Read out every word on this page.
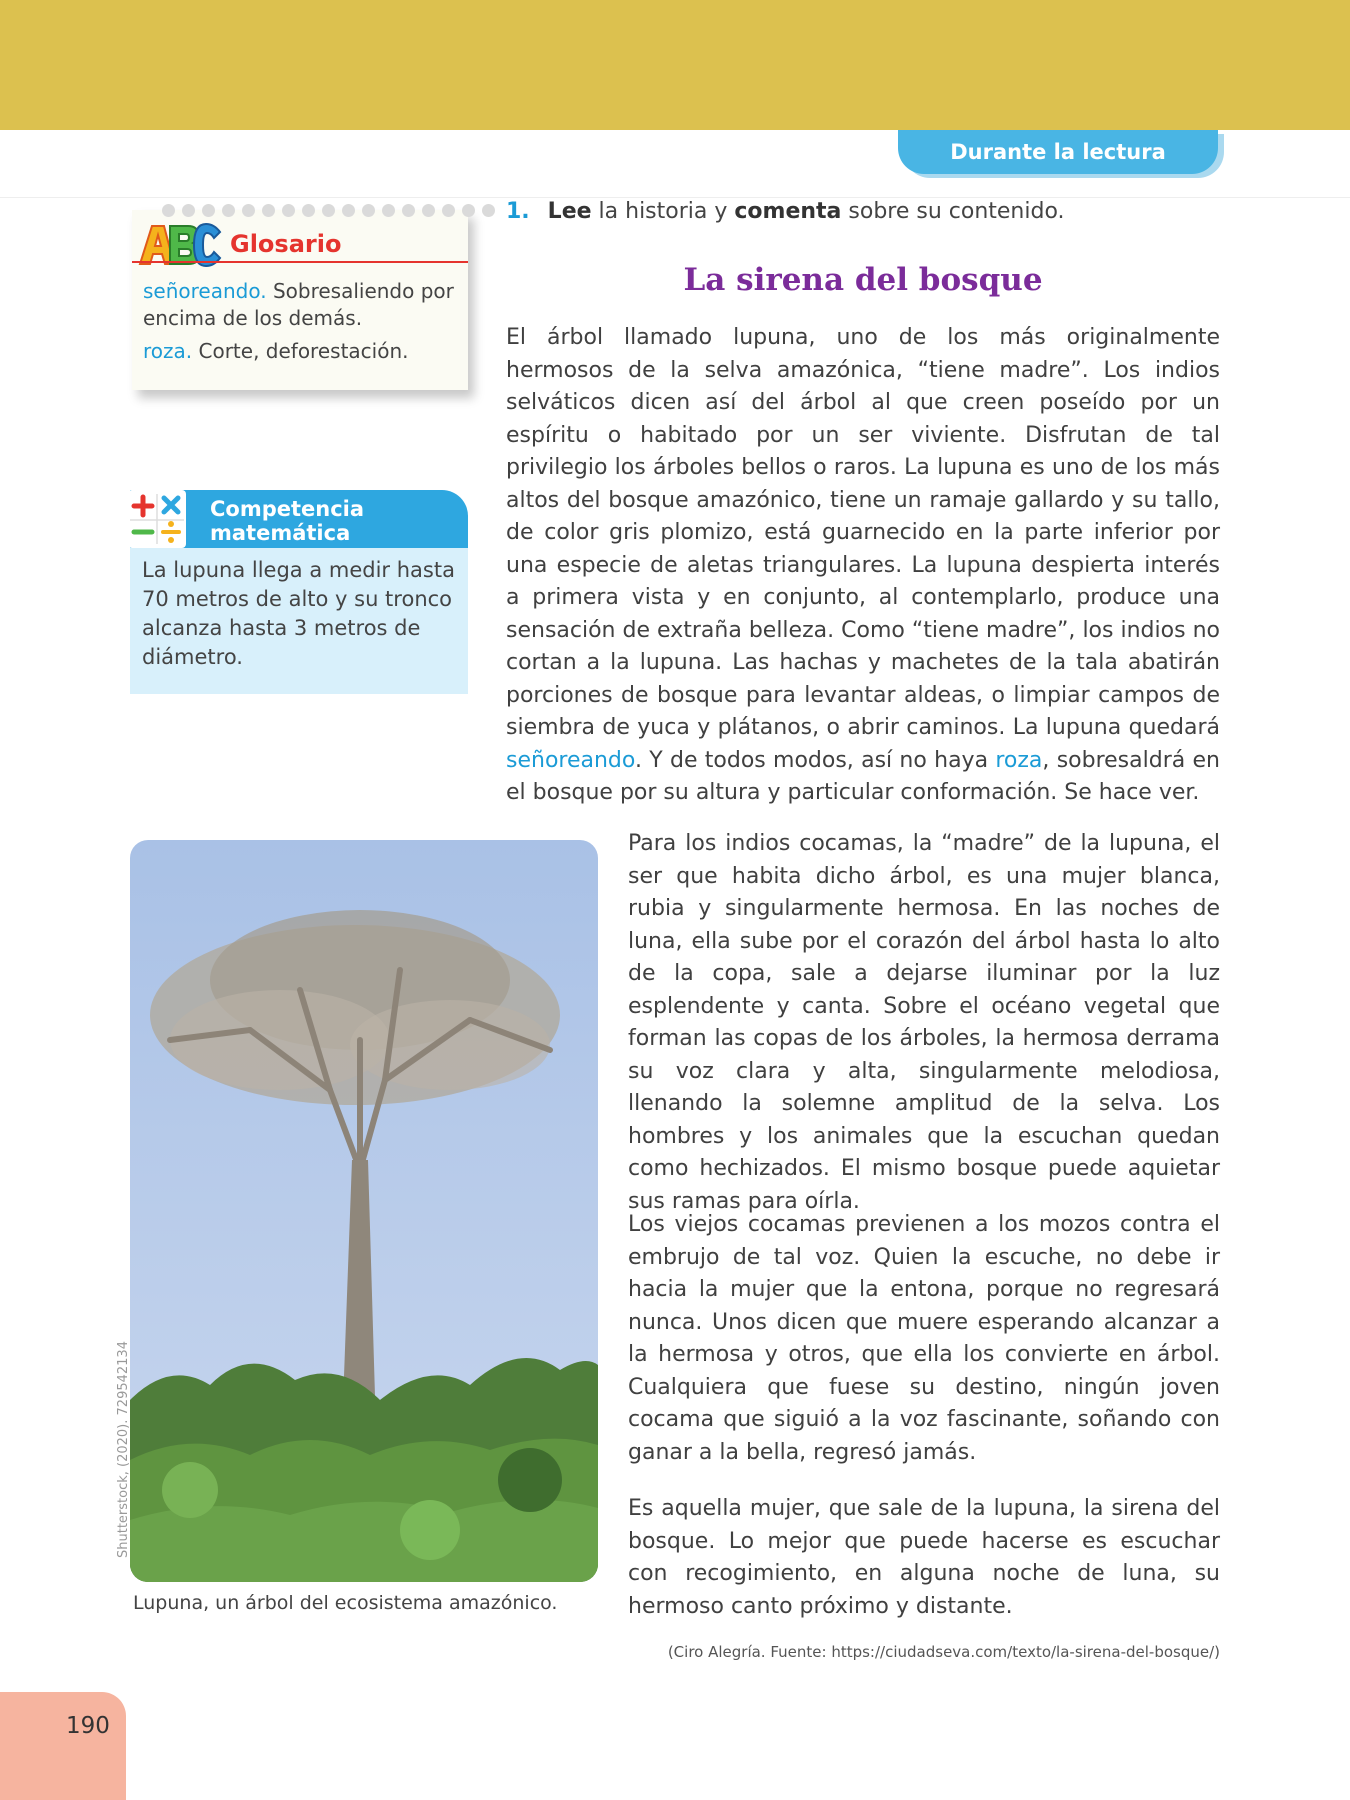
Durante la lectura
Glosario

señoreando. Sobresaliendo por encima de los demás.

roza. Corte, deforestación.

Competencia
matemática
La lupuna llega a medir hasta 70 metros de alto y su tronco alcanza hasta 3 metros de diámetro.
1. Lee la historia y comenta sobre su contenido.
La sirena del bosque

El árbol llamado lupuna, uno de los más originalmente hermosos de la selva amazónica, “tiene madre”. Los indios selváticos dicen así del árbol al que creen poseído por un espíritu o habitado por un ser viviente. Disfrutan de tal privilegio los árboles bellos o raros. La lupuna es uno de los más altos del bosque amazónico, tiene un ramaje gallardo y su tallo, de color gris plomizo, está guarnecido en la parte inferior por una especie de aletas triangulares. La lupuna despierta interés a primera vista y en conjunto, al contemplarlo, produce una sensación de extraña belleza. Como “tiene madre”, los indios no cortan a la lupuna. Las hachas y machetes de la tala abatirán porciones de bosque para levantar aldeas, o limpiar campos de siembra de yuca y plátanos, o abrir caminos. La lupuna quedará señoreando. Y de todos modos, así no haya roza, sobresaldrá en el bosque por su altura y particular conformación. Se hace ver.

Para los indios cocamas, la “madre” de la lupuna, el ser que habita dicho árbol, es una mujer blanca, rubia y singularmente hermosa. En las noches de luna, ella sube por el corazón del árbol hasta lo alto de la copa, sale a dejarse iluminar por la luz esplendente y canta. Sobre el océano vegetal que forman las copas de los árboles, la hermosa derrama su voz clara y alta, singularmente melodiosa, llenando la solemne amplitud de la selva. Los hombres y los animales que la escuchan quedan como hechizados. El mismo bosque puede aquietar sus ramas para oírla.

Los viejos cocamas previenen a los mozos contra el embrujo de tal voz. Quien la escuche, no debe ir hacia la mujer que la entona, porque no regresará nunca. Unos dicen que muere esperando alcanzar a la hermosa y otros, que ella los convierte en árbol. Cualquiera que fuese su destino, ningún joven cocama que siguió a la voz fascinante, soñando con ganar a la bella, regresó jamás.

Es aquella mujer, que sale de la lupuna, la sirena del bosque. Lo mejor que puede hacerse es escuchar con recogimiento, en alguna noche de luna, su hermoso canto próximo y distante.

(Ciro Alegría. Fuente: https://ciudadseva.com/texto/la-sirena-del-bosque/)
Shutterstock, (2020). 729542134
Lupuna, un árbol del ecosistema amazónico.
190
